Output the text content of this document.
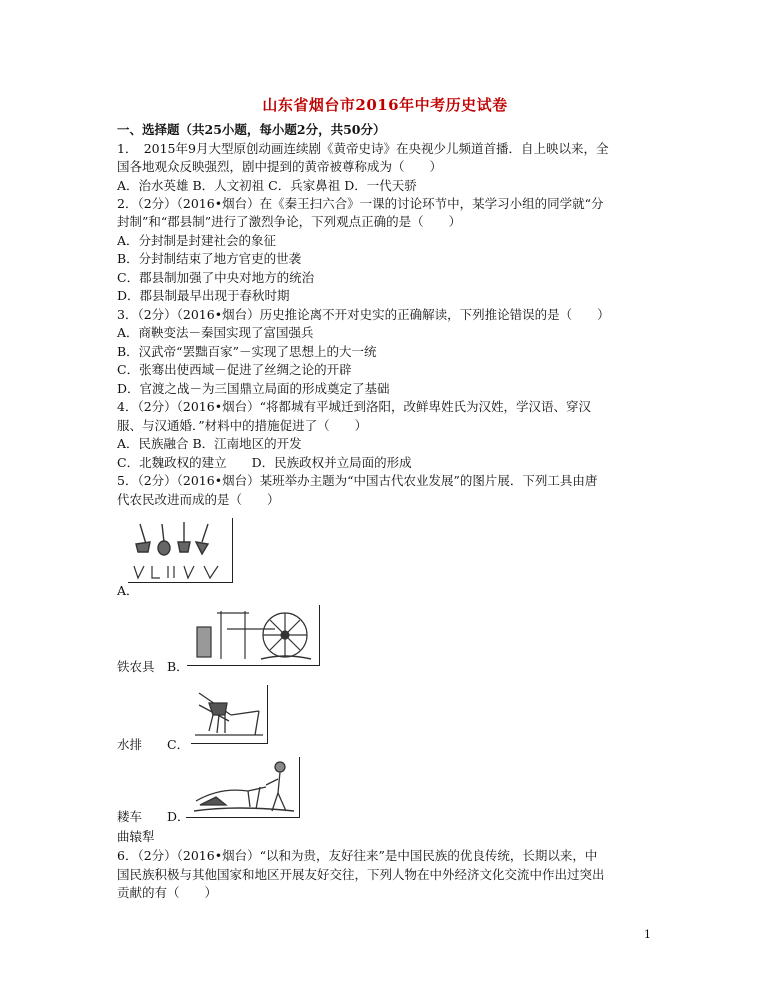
山东省烟台市2016年中考历史试卷
一、选择题（共25小题，每小题2分，共50分）
1．　2015年9月大型原创动画连续剧《黄帝史诗》在央视少儿频道首播．自上映以来，全
国各地观众反映强烈，剧中提到的黄帝被尊称成为（　　）
A．治水英雄 B．人文初祖 C．兵家鼻祖 D．一代天骄
2．（2分）（2016•烟台）在《秦王扫六合》一课的讨论环节中，某学习小组的同学就“分
封制”和“郡县制”进行了激烈争论，下列观点正确的是（　　）
A．分封制是封建社会的象征
B．分封制结束了地方官吏的世袭
C．郡县制加强了中央对地方的统治
D．郡县制最早出现于春秋时期
3．（2分）（2016•烟台）历史推论离不开对史实的正确解读，下列推论错误的是（　　）
A．商鞅变法－秦国实现了富国强兵
B．汉武帝“罢黜百家”－实现了思想上的大一统
C．张骞出使西域－促进了丝绸之论的开辟
D．官渡之战－为三国鼎立局面的形成奠定了基础
4．（2分）（2016•烟台）“将都城有平城迁到洛阳，改鲜卑姓氏为汉姓，学汉语、穿汉
服、与汉通婚．”材料中的措施促进了（　　）
A．民族融合 B．江南地区的开发
C．北魏政权的建立　　D．民族政权并立局面的形成
5．（2分）（2016•烟台）某班举办主题为“中国古代农业发展”的图片展．下列工具由唐
代农民改进而成的是（　　）
A．
铁农具　B．
水排　　C．
耧车　　D．
曲辕犁
6．（2分）（2016•烟台）“以和为贵，友好往来”是中国民族的优良传统，长期以来，中
国民族积极与其他国家和地区开展友好交往，下列人物在中外经济文化交流中作出过突出
贡献的有（　　）
1
